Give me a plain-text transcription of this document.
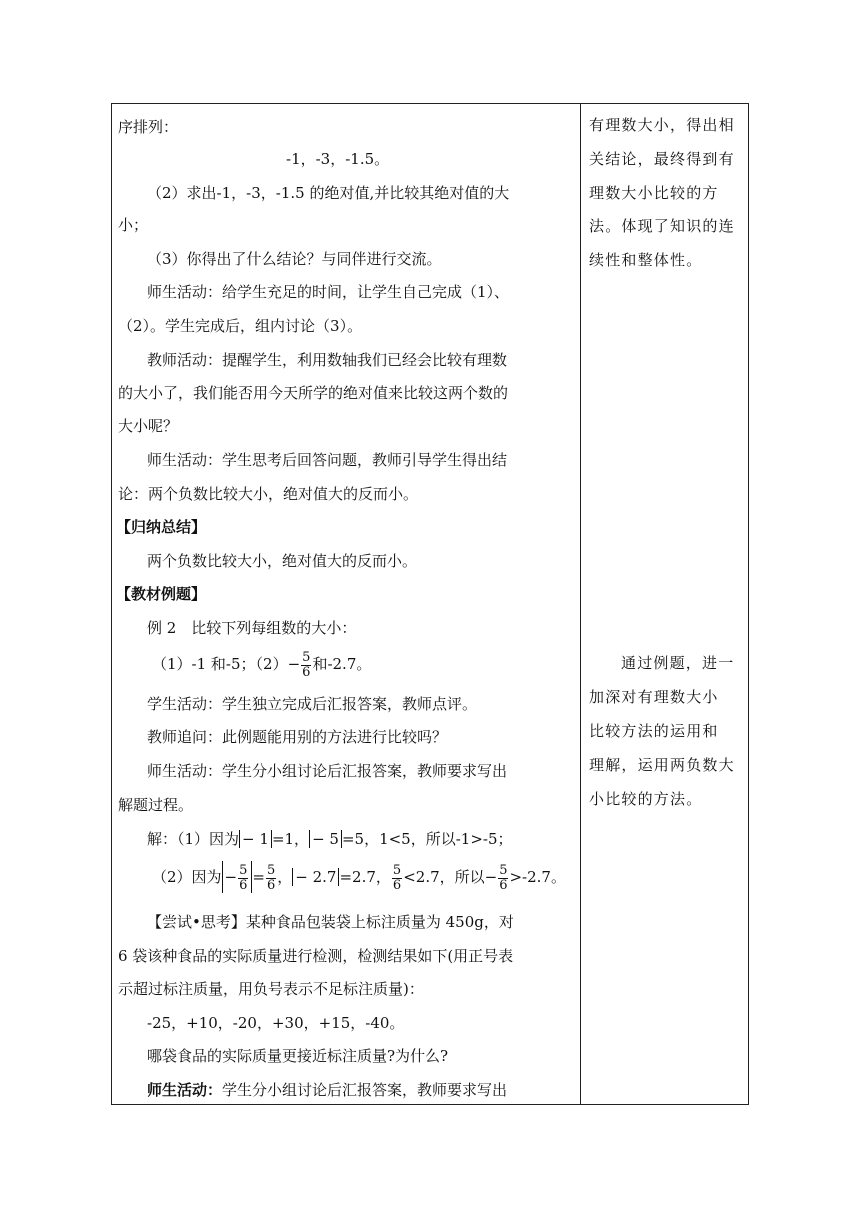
序排列：
-1，-3，-1.5。
（2）求出-1，-3，-1.5 的绝对值,并比较其绝对值的大
小；
（3）你得出了什么结论？与同伴进行交流。
师生活动：给学生充足的时间，让学生自己完成（1）、
（2）。学生完成后，组内讨论（3）。
教师活动：提醒学生，利用数轴我们已经会比较有理数
的大小了，我们能否用今天所学的绝对值来比较这两个数的
大小呢？
师生活动：学生思考后回答问题，教师引导学生得出结
论：两个负数比较大小，绝对值大的反而小。
【归纳总结】
两个负数比较大小，绝对值大的反而小。
【教材例题】
例 2　比较下列每组数的大小：
（1）-1 和-5；$(2)- \frac{5}{6}$ 和-2.7。
学生活动：学生独立完成后汇报答案，教师点评。
教师追问：此例题能用别的方法进行比较吗？
师生活动：学生分小组讨论后汇报答案，教师要求写出
解题过程。
解：（1）因为 − 1 =1， − 5 =5，1<5，所以-1>-5；
（2）因为 − $\frac{5}{6} = \frac{5}{6}$ ， − 2.7 =2.7， $\frac{5}{6} <2.7$，所以− $\frac{5}{6} >-2.7$。
【尝试•思考】某种食品包装袋上标注质量为 450g，对
6 袋该种食品的实际质量进行检测，检测结果如下(用正号表
示超过标注质量，用负号表示不足标注质量)：
-25，+10，-20，+30，+15，-40。
哪袋食品的实际质量更接近标注质量?为什么?
师生活动：学生分小组讨论后汇报答案，教师要求写出
有理数大小，得出相
关结论，最终得到有
理数大小比较的方
法。体现了知识的连
续性和整体性。
通过例题，进一
加深对有理数大小
比较方法的运用和
理解，运用两负数大
小比较的方法。
